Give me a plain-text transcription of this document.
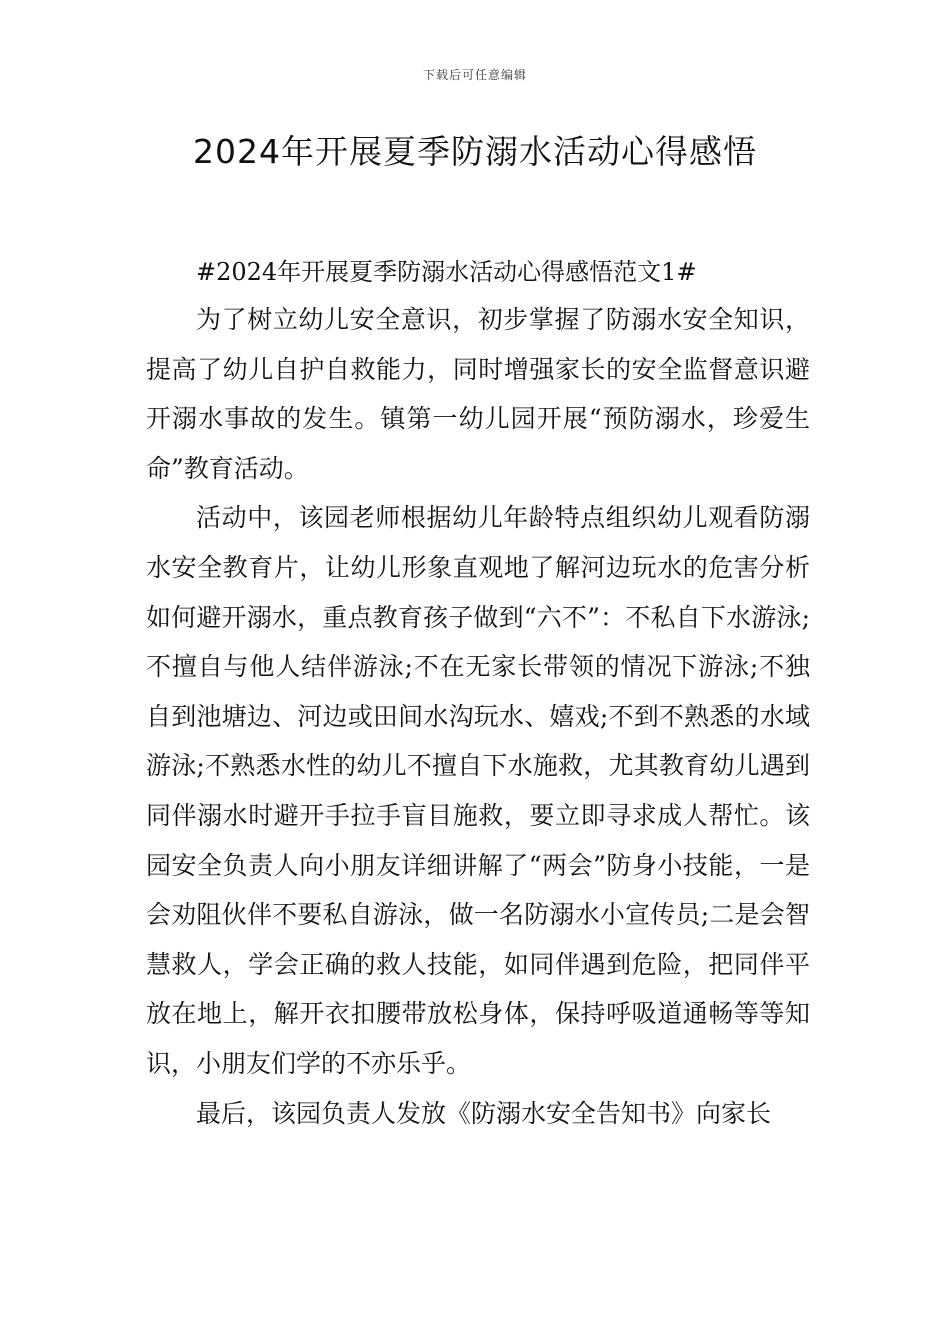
下载后可任意编辑
2024年开展夏季防溺水活动心得感悟

#2024年开展夏季防溺水活动心得感悟范文1#

为了树立幼儿安全意识，初步掌握了防溺水安全知识，提高了幼儿自护自救能力，同时增强家长的安全监督意识避开溺水事故的发生。镇第一幼儿园开展“预防溺水，珍爱生命”教育活动。

活动中，该园老师根据幼儿年龄特点组织幼儿观看防溺水安全教育片，让幼儿形象直观地了解河边玩水的危害分析如何避开溺水，重点教育孩子做到“六不”：不私自下水游泳;不擅自与他人结伴游泳;不在无家长带领的情况下游泳;不独自到池塘边、河边或田间水沟玩水、嬉戏;不到不熟悉的水域游泳;不熟悉水性的幼儿不擅自下水施救，尤其教育幼儿遇到同伴溺水时避开手拉手盲目施救，要立即寻求成人帮忙。该园安全负责人向小朋友详细讲解了“两会”防身小技能，一是会劝阻伙伴不要私自游泳，做一名防溺水小宣传员;二是会智慧救人，学会正确的救人技能，如同伴遇到危险，把同伴平放在地上，解开衣扣腰带放松身体，保持呼吸道通畅等等知识，小朋友们学的不亦乐乎。

最后，该园负责人发放《防溺水安全告知书》向家长
